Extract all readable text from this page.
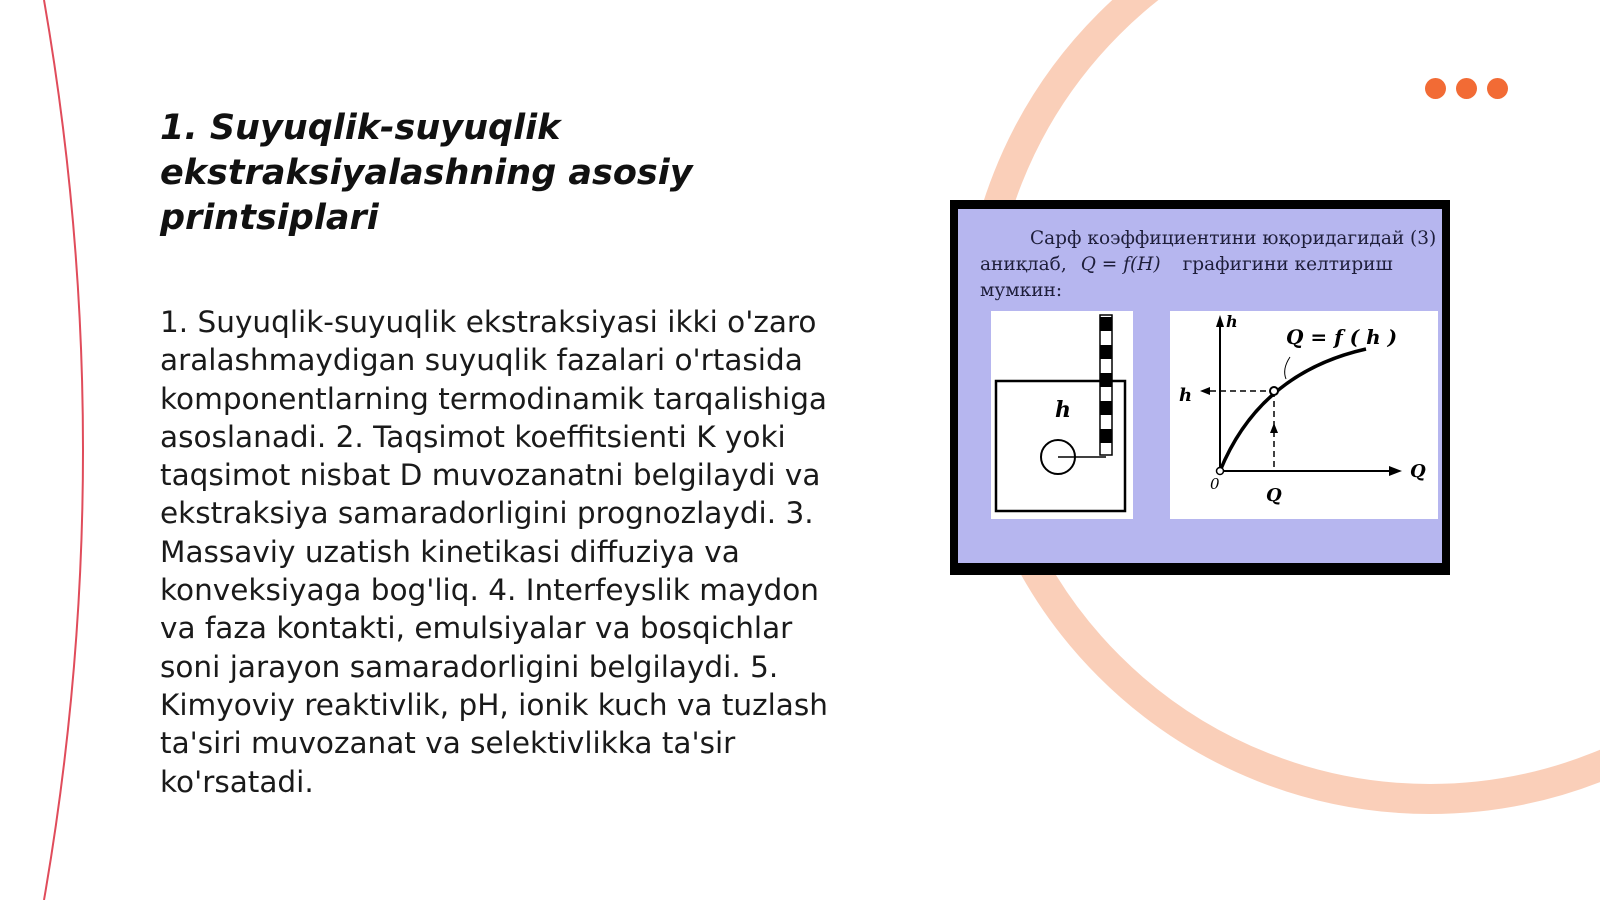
1. Suyuqlik-suyuqlik ekstraksiyalashning asosiy printsiplari

1. Suyuqlik-suyuqlik ekstraksiyasi ikki o'zaro aralashmaydigan suyuqlik fazalari o'rtasida komponentlarning termodinamik tarqalishiga asoslanadi. 2. Taqsimot koeffitsienti K yoki taqsimot nisbat D muvozanatni belgilaydi va ekstraksiya samaradorligini prognozlaydi. 3. Massaviy uzatish kinetikasi diffuziya va konveksiyaga bog'liq. 4. Interfeyslik maydon va faza kontakti, emulsiyalar va bosqichlar soni jarayon samaradorligini belgilaydi. 5. Kimyoviy reaktivlik, pH, ionik kuch va tuzlash ta'siri muvozanat va selektivlikka ta'sir ko'rsatadi.

Сарф коэффициентини юқоридагидай (3)
аниқлаб, Q = f(H) графигини келтириш
мумкин:
h
h
Q
0
Q = f ( h )
h
Q
